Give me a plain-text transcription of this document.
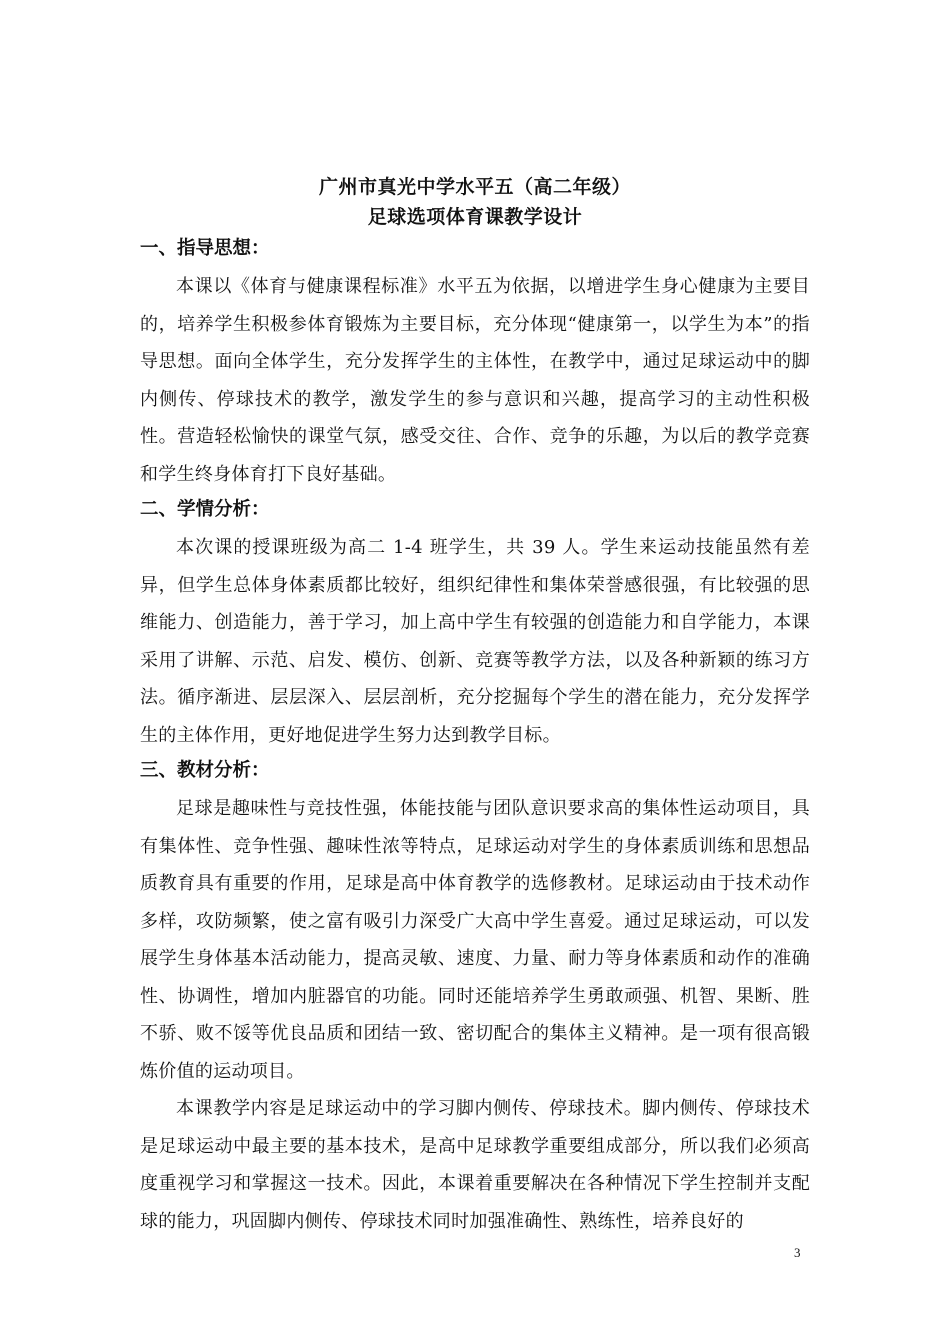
广州市真光中学水平五（高二年级）
足球选项体育课教学设计
一、指导思想：

本课以《体育与健康课程标准》水平五为依据，以增进学生身心健康为主要目的，培养学生积极参体育锻炼为主要目标，充分体现“健康第一，以学生为本”的指导思想。面向全体学生，充分发挥学生的主体性，在教学中，通过足球运动中的脚内侧传、停球技术的教学，激发学生的参与意识和兴趣，提高学习的主动性积极性。营造轻松愉快的课堂气氛，感受交往、合作、竞争的乐趣，为以后的教学竞赛和学生终身体育打下良好基础。

二、学情分析：

本次课的授课班级为高二 1-4 班学生，共 39 人。学生来运动技能虽然有差异，但学生总体身体素质都比较好，组织纪律性和集体荣誉感很强，有比较强的思维能力、创造能力，善于学习，加上高中学生有较强的创造能力和自学能力，本课采用了讲解、示范、启发、模仿、创新、竞赛等教学方法，以及各种新颖的练习方法。循序渐进、层层深入、层层剖析，充分挖掘每个学生的潜在能力，充分发挥学生的主体作用，更好地促进学生努力达到教学目标。

三、教材分析：

足球是趣味性与竞技性强，体能技能与团队意识要求高的集体性运动项目，具有集体性、竞争性强、趣味性浓等特点，足球运动对学生的身体素质训练和思想品质教育具有重要的作用，足球是高中体育教学的选修教材。足球运动由于技术动作多样，攻防频繁，使之富有吸引力深受广大高中学生喜爱。通过足球运动，可以发展学生身体基本活动能力，提高灵敏、速度、力量、耐力等身体素质和动作的准确性、协调性，增加内脏器官的功能。同时还能培养学生勇敢顽强、机智、果断、胜不骄、败不馁等优良品质和团结一致、密切配合的集体主义精神。是一项有很高锻炼价值的运动项目。

本课教学内容是足球运动中的学习脚内侧传、停球技术。脚内侧传、停球技术是足球运动中最主要的基本技术，是高中足球教学重要组成部分，所以我们必须高度重视学习和掌握这一技术。因此，本课着重要解决在各种情况下学生控制并支配球的能力，巩固脚内侧传、停球技术同时加强准确性、熟练性，培养良好的

3
